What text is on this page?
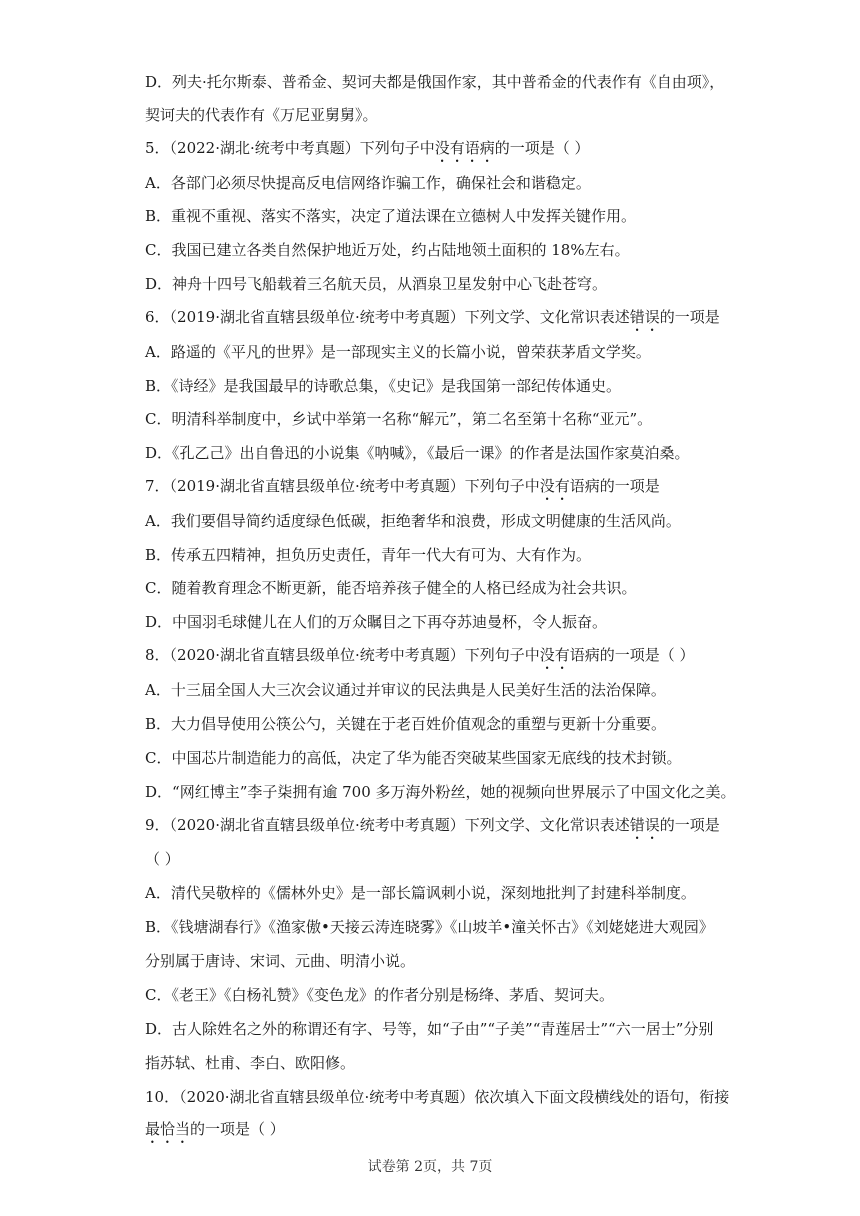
D．列夫·托尔斯泰、普希金、契诃夫都是俄国作家，其中普希金的代表作有《自由项》，
契诃夫的代表作有《万尼亚舅舅》。
5．（2022·湖北·统考中考真题）下列句子中没有语病的一项是（ ）
A．各部门必须尽快提高反电信网络诈骗工作，确保社会和谐稳定。
B．重视不重视、落实不落实，决定了道法课在立德树人中发挥关键作用。
C．我国已建立各类自然保护地近万处，约占陆地领土面积的 18%左右。
D．神舟十四号飞船载着三名航天员，从酒泉卫星发射中心飞赴苍穹。
6．（2019·湖北省直辖县级单位·统考中考真题）下列文学、文化常识表述错误的一项是
A．路遥的《平凡的世界》是一部现实主义的长篇小说，曾荣获茅盾文学奖。
B．《诗经》是我国最早的诗歌总集，《史记》是我国第一部纪传体通史。
C．明清科举制度中，乡试中举第一名称“解元”，第二名至第十名称“亚元”。
D．《孔乙己》出自鲁迅的小说集《呐喊》，《最后一课》的作者是法国作家莫泊桑。
7．（2019·湖北省直辖县级单位·统考中考真题）下列句子中没有语病的一项是
A．我们要倡导简约适度绿色低碳，拒绝奢华和浪费，形成文明健康的生活风尚。
B．传承五四精神，担负历史责任，青年一代大有可为、大有作为。
C．随着教育理念不断更新，能否培养孩子健全的人格已经成为社会共识。
D．中国羽毛球健儿在人们的万众瞩目之下再夺苏迪曼杯，令人振奋。
8．（2020·湖北省直辖县级单位·统考中考真题）下列句子中没有语病的一项是（ ）
A．十三届全国人大三次会议通过并审议的民法典是人民美好生活的法治保障。
B．大力倡导使用公筷公勺，关键在于老百姓价值观念的重塑与更新十分重要。
C．中国芯片制造能力的高低，决定了华为能否突破某些国家无底线的技术封锁。
D．“网红博主”李子柒拥有逾 700 多万海外粉丝，她的视频向世界展示了中国文化之美。
9．（2020·湖北省直辖县级单位·统考中考真题）下列文学、文化常识表述错误的一项是
（ ）
A．清代吴敬梓的《儒林外史》是一部长篇讽刺小说，深刻地批判了封建科举制度。
B．《钱塘湖春行》《渔家傲•天接云涛连晓雾》《山坡羊•潼关怀古》《刘姥姥进大观园》
分别属于唐诗、宋词、元曲、明清小说。
C．《老王》《白杨礼赞》《变色龙》的作者分别是杨绛、茅盾、契诃夫。
D．古人除姓名之外的称谓还有字、号等，如“子由”“子美”“青莲居士”“六一居士”分别
指苏轼、杜甫、李白、欧阳修。
10．（2020·湖北省直辖县级单位·统考中考真题）依次填入下面文段横线处的语句，衔接
最恰当的一项是（ ）
试卷第 2页，共 7页
